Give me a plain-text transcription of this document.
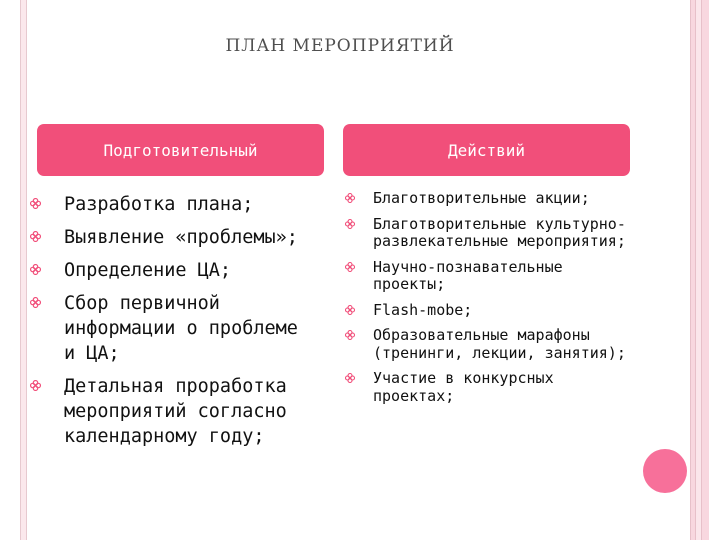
ПЛАН МЕРОПРИЯТИЙ
Подготовительный	Действий
Разработка плана;
Выявление «проблемы»;
Определение ЦА;
Сбор первичной информации о проблеме и ЦА;
Детальная проработка мероприятий согласно календарному году;
Благотворительные акции;
Благотворительные культурно-развлекательные мероприятия;
Научно-познавательные проекты;
Flash-mobe;
Образовательные марафоны (тренинги, лекции, занятия);
Участие в конкурсных проектах;
